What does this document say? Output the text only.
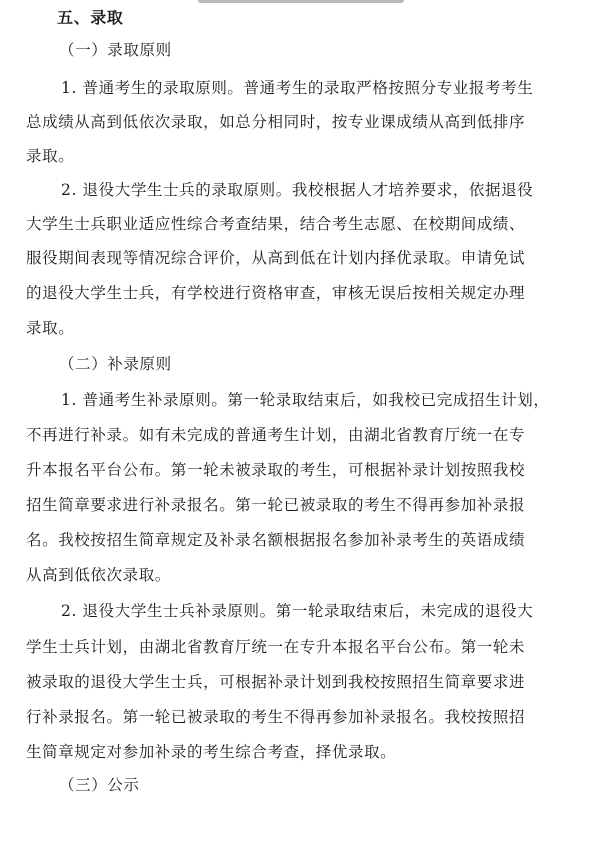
五、录取
（一）录取原则
1. 普通考生的录取原则。普通考生的录取严格按照分专业报考考生
总成绩从高到低依次录取，如总分相同时，按专业课成绩从高到低排序
录取。
2. 退役大学生士兵的录取原则。我校根据人才培养要求，依据退役
大学生士兵职业适应性综合考查结果，结合考生志愿、在校期间成绩、
服役期间表现等情况综合评价，从高到低在计划内择优录取。申请免试
的退役大学生士兵，有学校进行资格审查，审核无误后按相关规定办理
录取。
（二）补录原则
1. 普通考生补录原则。第一轮录取结束后，如我校已完成招生计划，
不再进行补录。如有未完成的普通考生计划，由湖北省教育厅统一在专
升本报名平台公布。第一轮未被录取的考生，可根据补录计划按照我校
招生简章要求进行补录报名。第一轮已被录取的考生不得再参加补录报
名。我校按招生简章规定及补录名额根据报名参加补录考生的英语成绩
从高到低依次录取。
2. 退役大学生士兵补录原则。第一轮录取结束后，未完成的退役大
学生士兵计划，由湖北省教育厅统一在专升本报名平台公布。第一轮未
被录取的退役大学生士兵，可根据补录计划到我校按照招生简章要求进
行补录报名。第一轮已被录取的考生不得再参加补录报名。我校按照招
生简章规定对参加补录的考生综合考查，择优录取。
（三）公示
